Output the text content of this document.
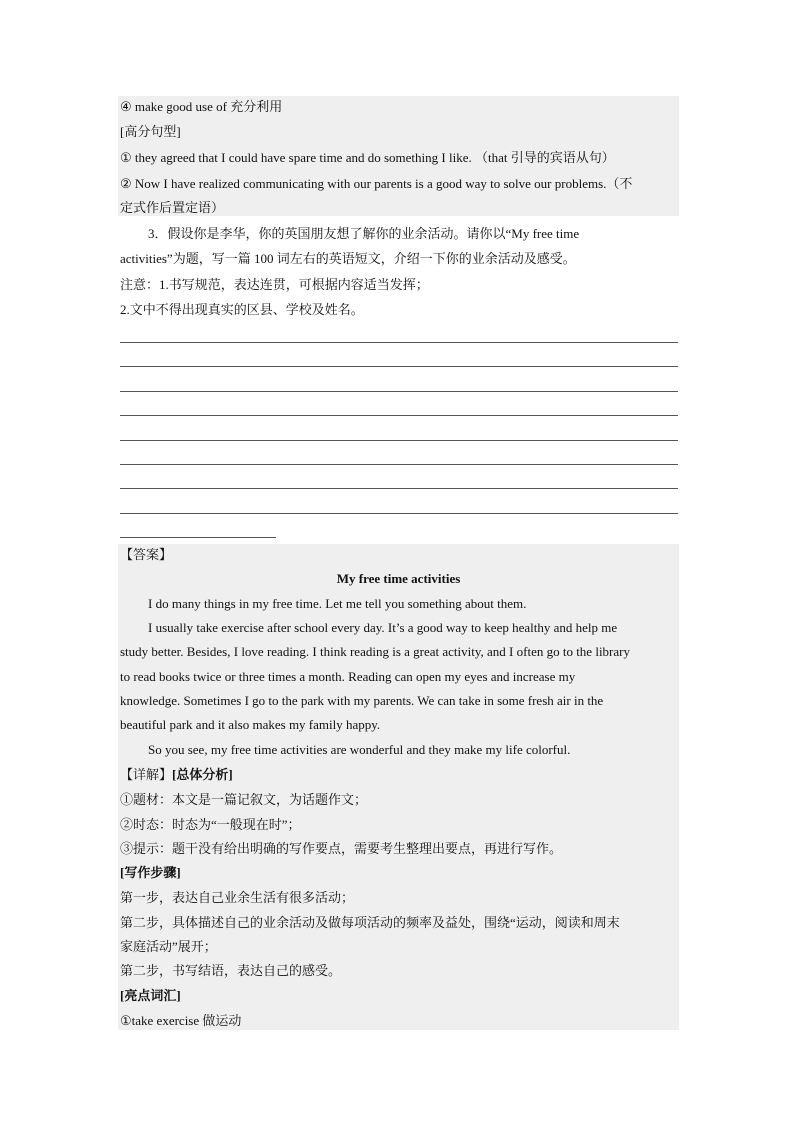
④ make good use of 充分利用
[高分句型]
① they agreed that I could have spare time and do something I like. （that 引导的宾语从句）
② Now I have realized communicating with our parents is a good way to solve our problems.（不
定式作后置定语）
3．假设你是李华，你的英国朋友想了解你的业余活动。请你以“My free time
activities”为题，写一篇 100 词左右的英语短文，介绍一下你的业余活动及感受。
注意：1.书写规范，表达连贯，可根据内容适当发挥；
2.文中不得出现真实的区县、学校及姓名。
【答案】
My free time activities
I do many things in my free time. Let me tell you something about them.
I usually take exercise after school every day. It’s a good way to keep healthy and help me
study better. Besides, I love reading. I think reading is a great activity, and I often go to the library
to read books twice or three times a month. Reading can open my eyes and increase my
knowledge. Sometimes I go to the park with my parents. We can take in some fresh air in the
beautiful park and it also makes my family happy.
So you see, my free time activities are wonderful and they make my life colorful.
【详解】[总体分析]
①题材：本文是一篇记叙文，为话题作文；
②时态：时态为“一般现在时”；
③提示：题干没有给出明确的写作要点，需要考生整理出要点，再进行写作。
[写作步骤]
第一步，表达自己业余生活有很多活动；
第二步，具体描述自己的业余活动及做每项活动的频率及益处，围绕“运动，阅读和周末
家庭活动”展开；
第二步，书写结语，表达自己的感受。
[亮点词汇]
①take exercise 做运动
